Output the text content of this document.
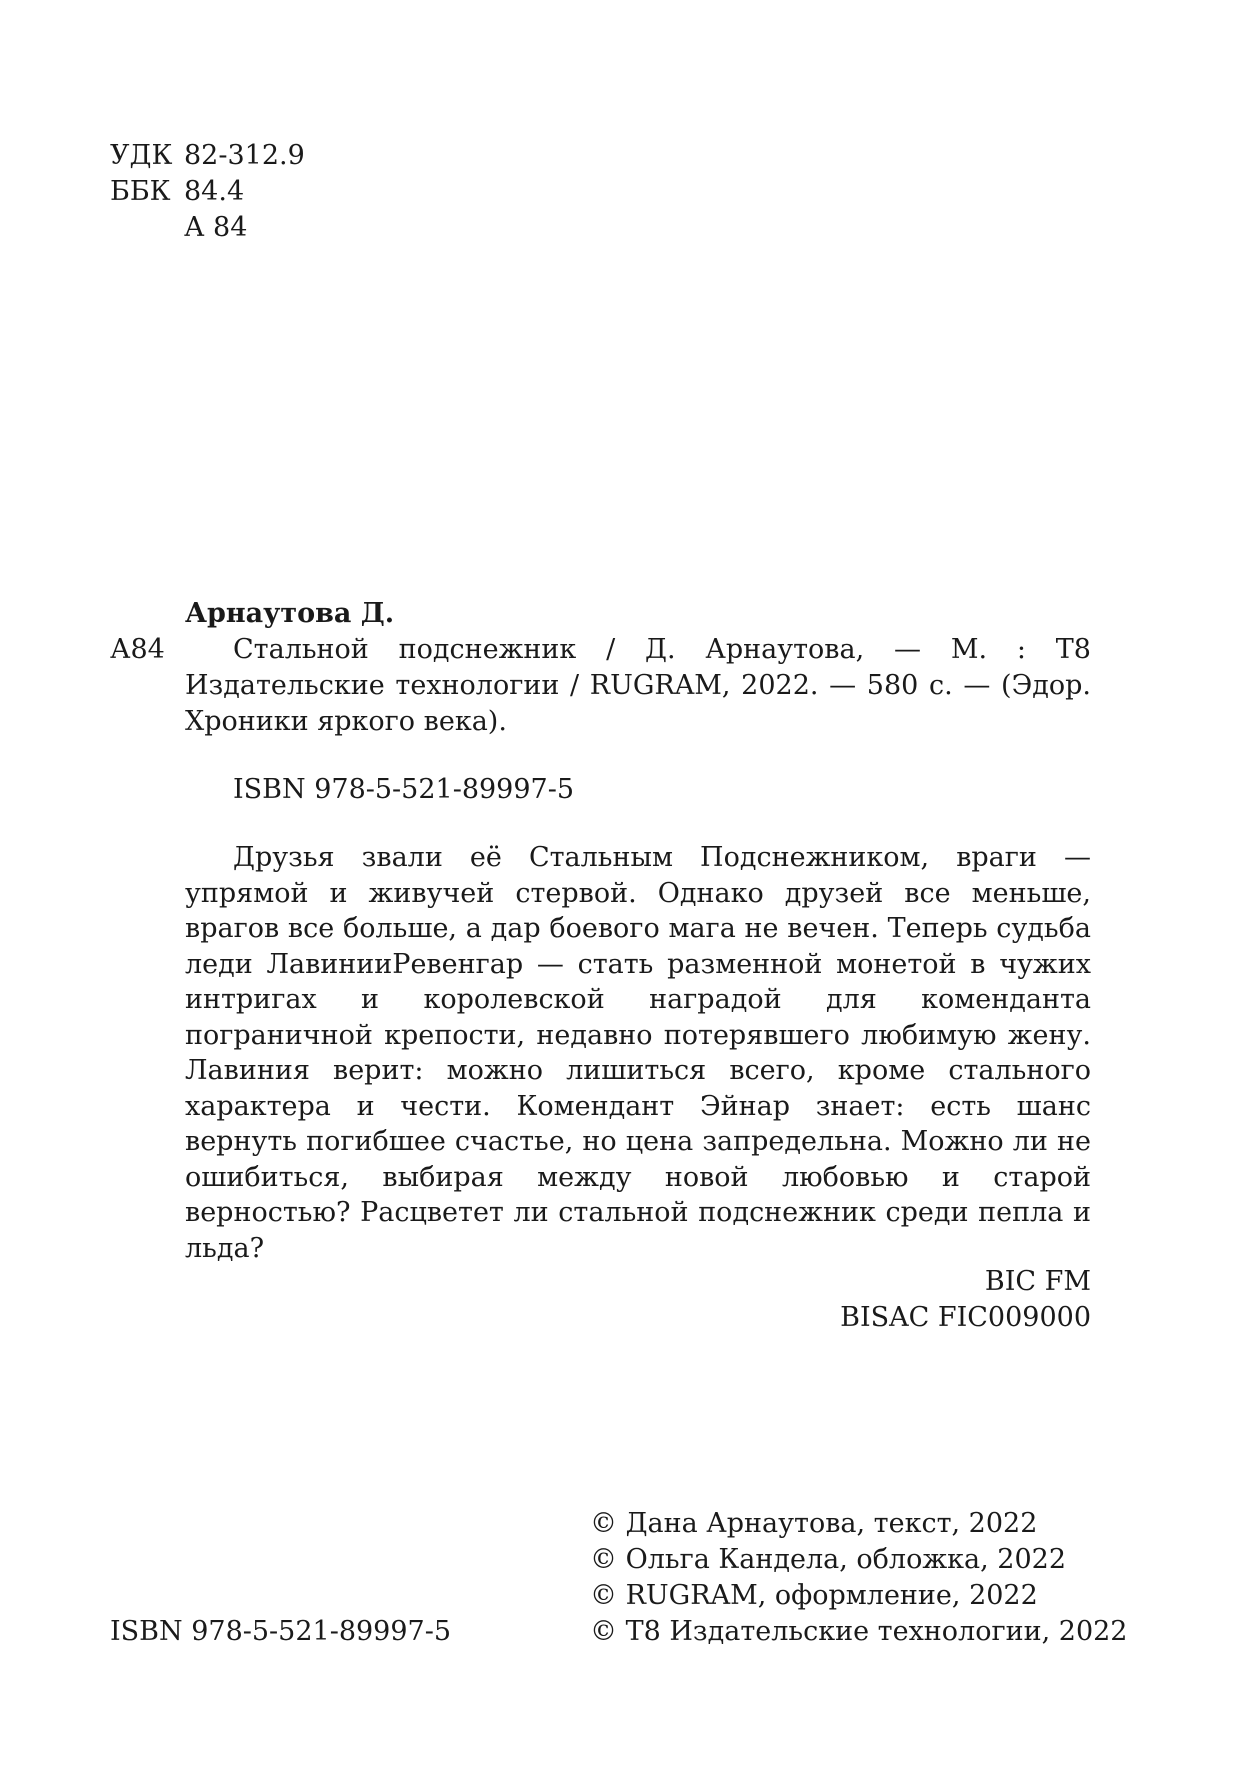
УДК 82-312.9
ББК 84.4
А 84
Арнаутова Д.
А84	Стальной подснежник / Д. Арнаутова, — М. : Т8 Издательские технологии / RUGRAM, 2022. — 580 с. — (Эдор. Хроники яркого века).
ISBN 978-5-521-89997-5

Друзья звали её Стальным Подснежником, враги — упрямой и живучей стервой. Однако друзей все меньше, врагов все больше, а дар боевого мага не вечен. Теперь судьба леди ЛавинииРевенгар — стать разменной монетой в чужих интригах и королевской наградой для коменданта пограничной крепости, недавно потерявшего любимую жену. Лавиния верит: можно лишиться всего, кроме стального характера и чести. Комендант Эйнар знает: есть шанс вернуть погибшее счастье, но цена запредельна. Можно ли не ошибиться, выбирая между новой любовью и старой верностью? Расцветет ли стальной подснежник среди пепла и льда?

BIC FM
BISAC FIC009000
© Дана Арнаутова, текст, 2022
© Ольга Кандела, обложка, 2022
© RUGRAM, оформление, 2022
© Т8 Издательские технологии, 2022
ISBN 978-5-521-89997-5
